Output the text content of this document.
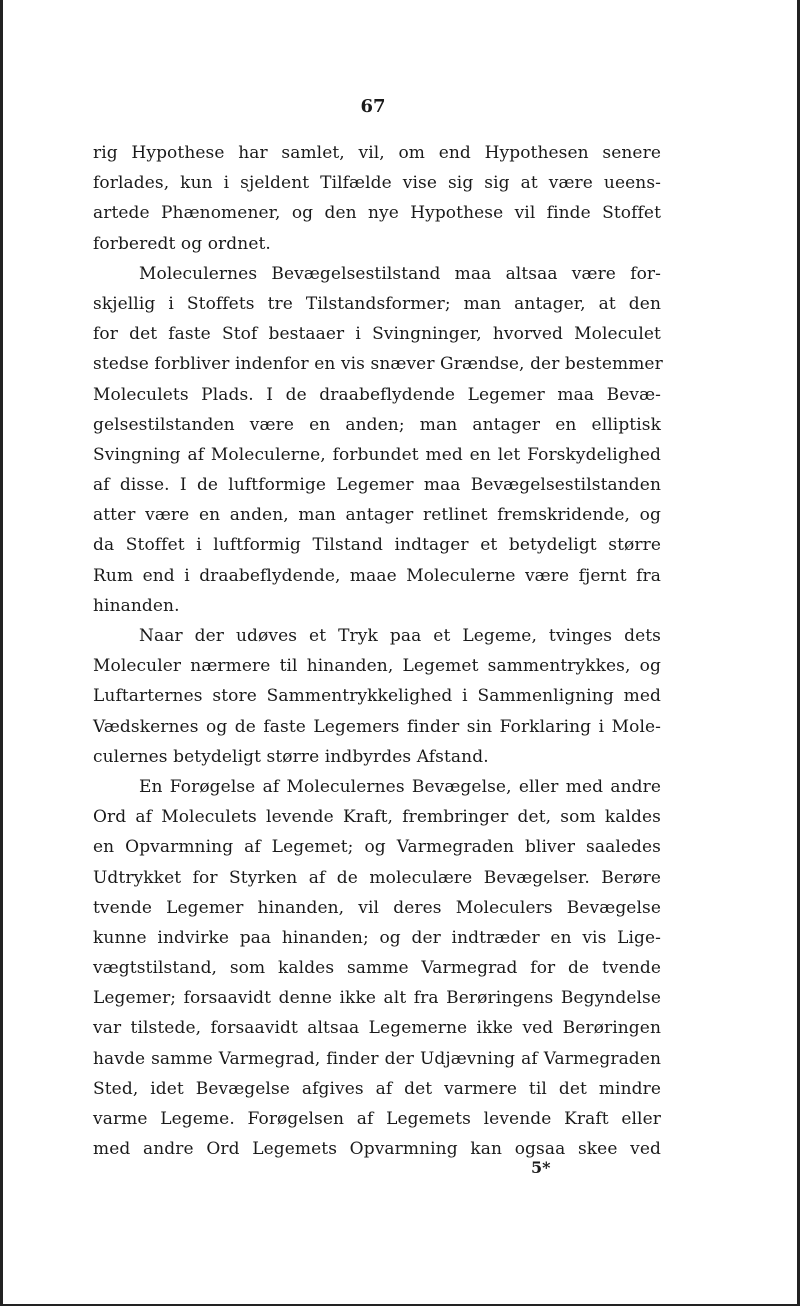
67

rig Hypothese har samlet, vil, om end Hypothesen senere
forlades, kun i sjeldent Tilfælde vise sig sig at være ueens-
artede Phænomener, og den nye Hypothese vil finde Stoffet
forberedt og ordnet.

Moleculernes Bevægelsestilstand maa altsaa være for-
skjellig i Stoffets tre Tilstandsformer; man antager, at den
for det faste Stof bestaaer i Svingninger, hvorved Moleculet
stedse forbliver indenfor en vis snæver Grændse, der bestemmer
Moleculets Plads. I de draabeflydende Legemer maa Bevæ-
gelsestilstanden være en anden; man antager en elliptisk
Svingning af Moleculerne, forbundet med en let Forskydelighed
af disse. I de luftformige Legemer maa Bevægelsestilstanden
atter være en anden, man antager retlinet fremskridende, og
da Stoffet i luftformig Tilstand indtager et betydeligt større
Rum end i draabeflydende, maae Moleculerne være fjernt fra
hinanden.

Naar der udøves et Tryk paa et Legeme, tvinges dets
Moleculer nærmere til hinanden, Legemet sammentrykkes, og
Luftarternes store Sammentrykkelighed i Sammenligning med
Vædskernes og de faste Legemers finder sin Forklaring i Mole-
culernes betydeligt større indbyrdes Afstand.

En Forøgelse af Moleculernes Bevægelse, eller med andre
Ord af Moleculets levende Kraft, frembringer det, som kaldes
en Opvarmning af Legemet; og Varmegraden bliver saaledes
Udtrykket for Styrken af de moleculære Bevægelser. Berøre
tvende Legemer hinanden, vil deres Moleculers Bevægelse
kunne indvirke paa hinanden; og der indtræder en vis Lige-
vægtstilstand, som kaldes samme Varmegrad for de tvende
Legemer; forsaavidt denne ikke alt fra Berøringens Begyndelse
var tilstede, forsaavidt altsaa Legemerne ikke ved Berøringen
havde samme Varmegrad, finder der Udjævning af Varmegraden
Sted, idet Bevægelse afgives af det varmere til det mindre
varme Legeme. Forøgelsen af Legemets levende Kraft eller
med andre Ord Legemets Opvarmning kan ogsaa skee ved

5*
